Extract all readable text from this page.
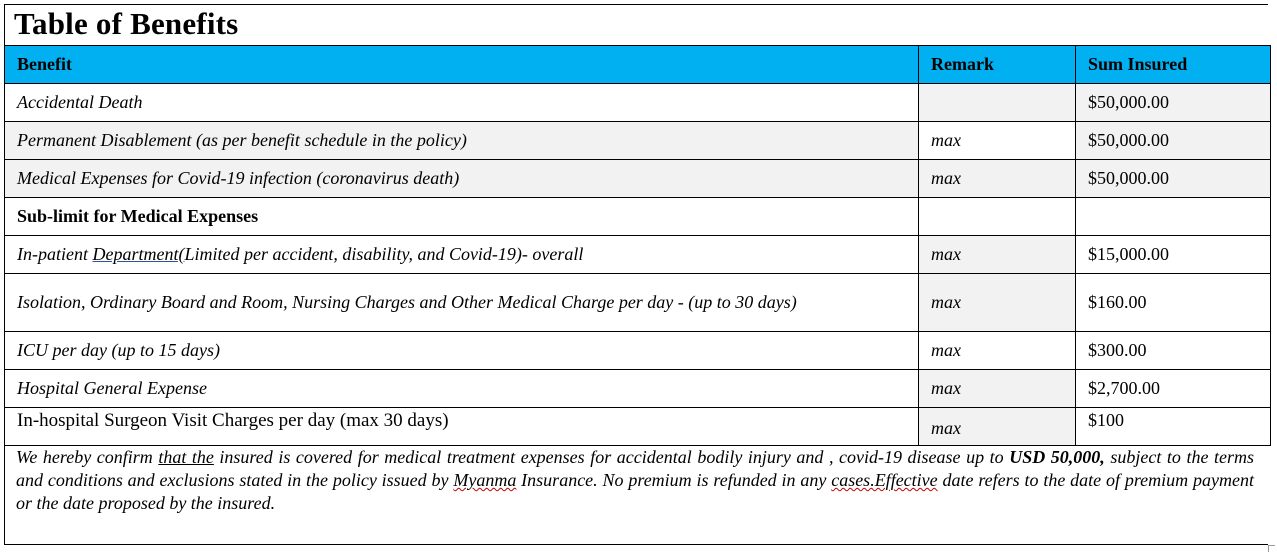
Table of Benefits
Benefit	Remark	Sum Insured
Accidental Death		$50,000.00
Permanent Disablement (as per benefit schedule in the policy)	max	$50,000.00
Medical Expenses for Covid-19 infection (coronavirus death)	max	$50,000.00
Sub-limit for Medical Expenses		
In-patient Department(Limited per accident, disability, and Covid-19)- overall	max	$15,000.00
Isolation, Ordinary Board and Room, Nursing Charges and Other Medical Charge per day - (up to 30 days)	max	$160.00
ICU per day (up to 15 days)	max	$300.00
Hospital General Expense	max	$2,700.00
In-hospital Surgeon Visit Charges per day (max 30 days)	max	$100
We hereby confirm that the insured is covered for medical treatment expenses for accidental bodily injury and , covid-19 disease up to USD 50,000, subject to the terms and conditions and exclusions stated in the policy issued by Myanma Insurance. No premium is refunded in any cases.Effective date refers to the date of premium payment or the date proposed by the insured.
